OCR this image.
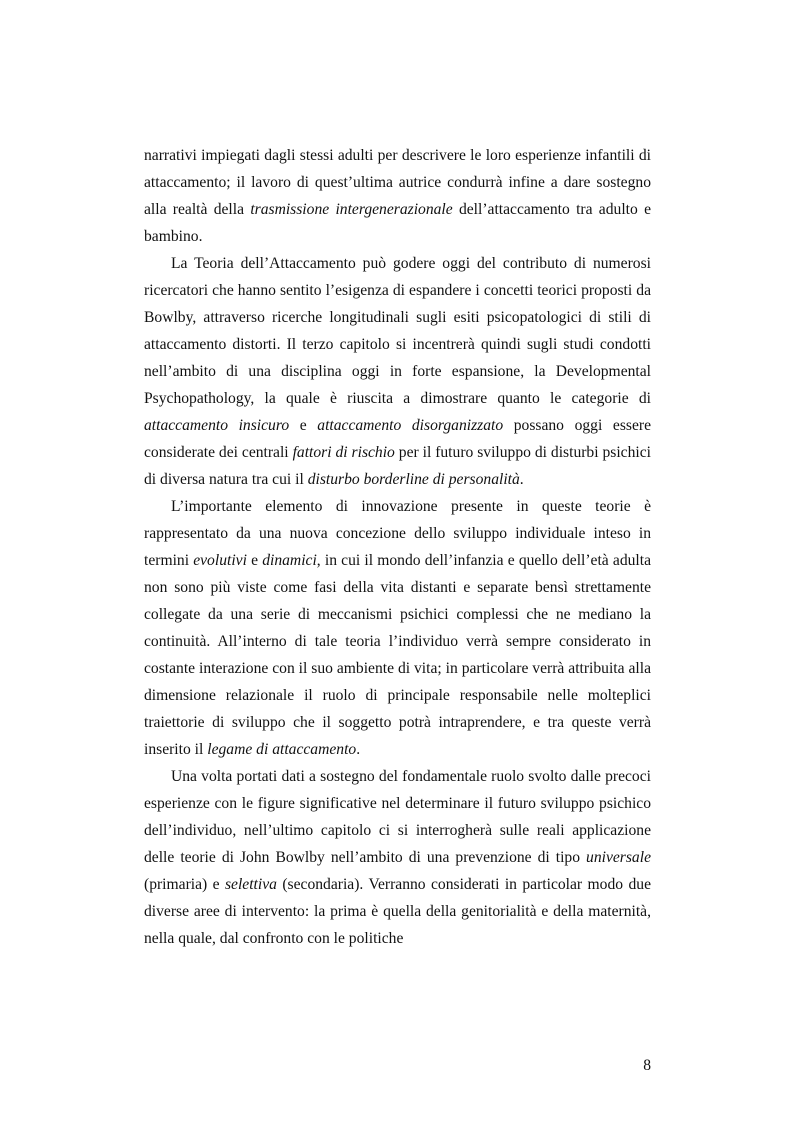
narrativi impiegati dagli stessi adulti per descrivere le loro esperienze infantili di attaccamento; il lavoro di quest’ultima autrice condurrà infine a dare sostegno alla realtà della trasmissione intergenerazionale dell’attaccamento tra adulto e bambino.

La Teoria dell’Attaccamento può godere oggi del contributo di numerosi ricercatori che hanno sentito l’esigenza di espandere i concetti teorici proposti da Bowlby, attraverso ricerche longitudinali sugli esiti psicopatologici di stili di attaccamento distorti. Il terzo capitolo si incentrerà quindi sugli studi condotti nell’ambito di una disciplina oggi in forte espansione, la Developmental Psychopathology, la quale è riuscita a dimostrare quanto le categorie di attaccamento insicuro e attaccamento disorganizzato possano oggi essere considerate dei centrali fattori di rischio per il futuro sviluppo di disturbi psichici di diversa natura tra cui il disturbo borderline di personalità.

L’importante elemento di innovazione presente in queste teorie è rappresentato da una nuova concezione dello sviluppo individuale inteso in termini evolutivi e dinamici, in cui il mondo dell’infanzia e quello dell’età adulta non sono più viste come fasi della vita distanti e separate bensì strettamente collegate da una serie di meccanismi psichici complessi che ne mediano la continuità. All’interno di tale teoria l’individuo verrà sempre considerato in costante interazione con il suo ambiente di vita; in particolare verrà attribuita alla dimensione relazionale il ruolo di principale responsabile nelle molteplici traiettorie di sviluppo che il soggetto potrà intraprendere, e tra queste verrà inserito il legame di attaccamento.

Una volta portati dati a sostegno del fondamentale ruolo svolto dalle precoci esperienze con le figure significative nel determinare il futuro sviluppo psichico dell’individuo, nell’ultimo capitolo ci si interrogherà sulle reali applicazione delle teorie di John Bowlby nell’ambito di una prevenzione di tipo universale (primaria) e selettiva (secondaria). Verranno considerati in particolar modo due diverse aree di intervento: la prima è quella della genitorialità e della maternità, nella quale, dal confronto con le politiche

8
